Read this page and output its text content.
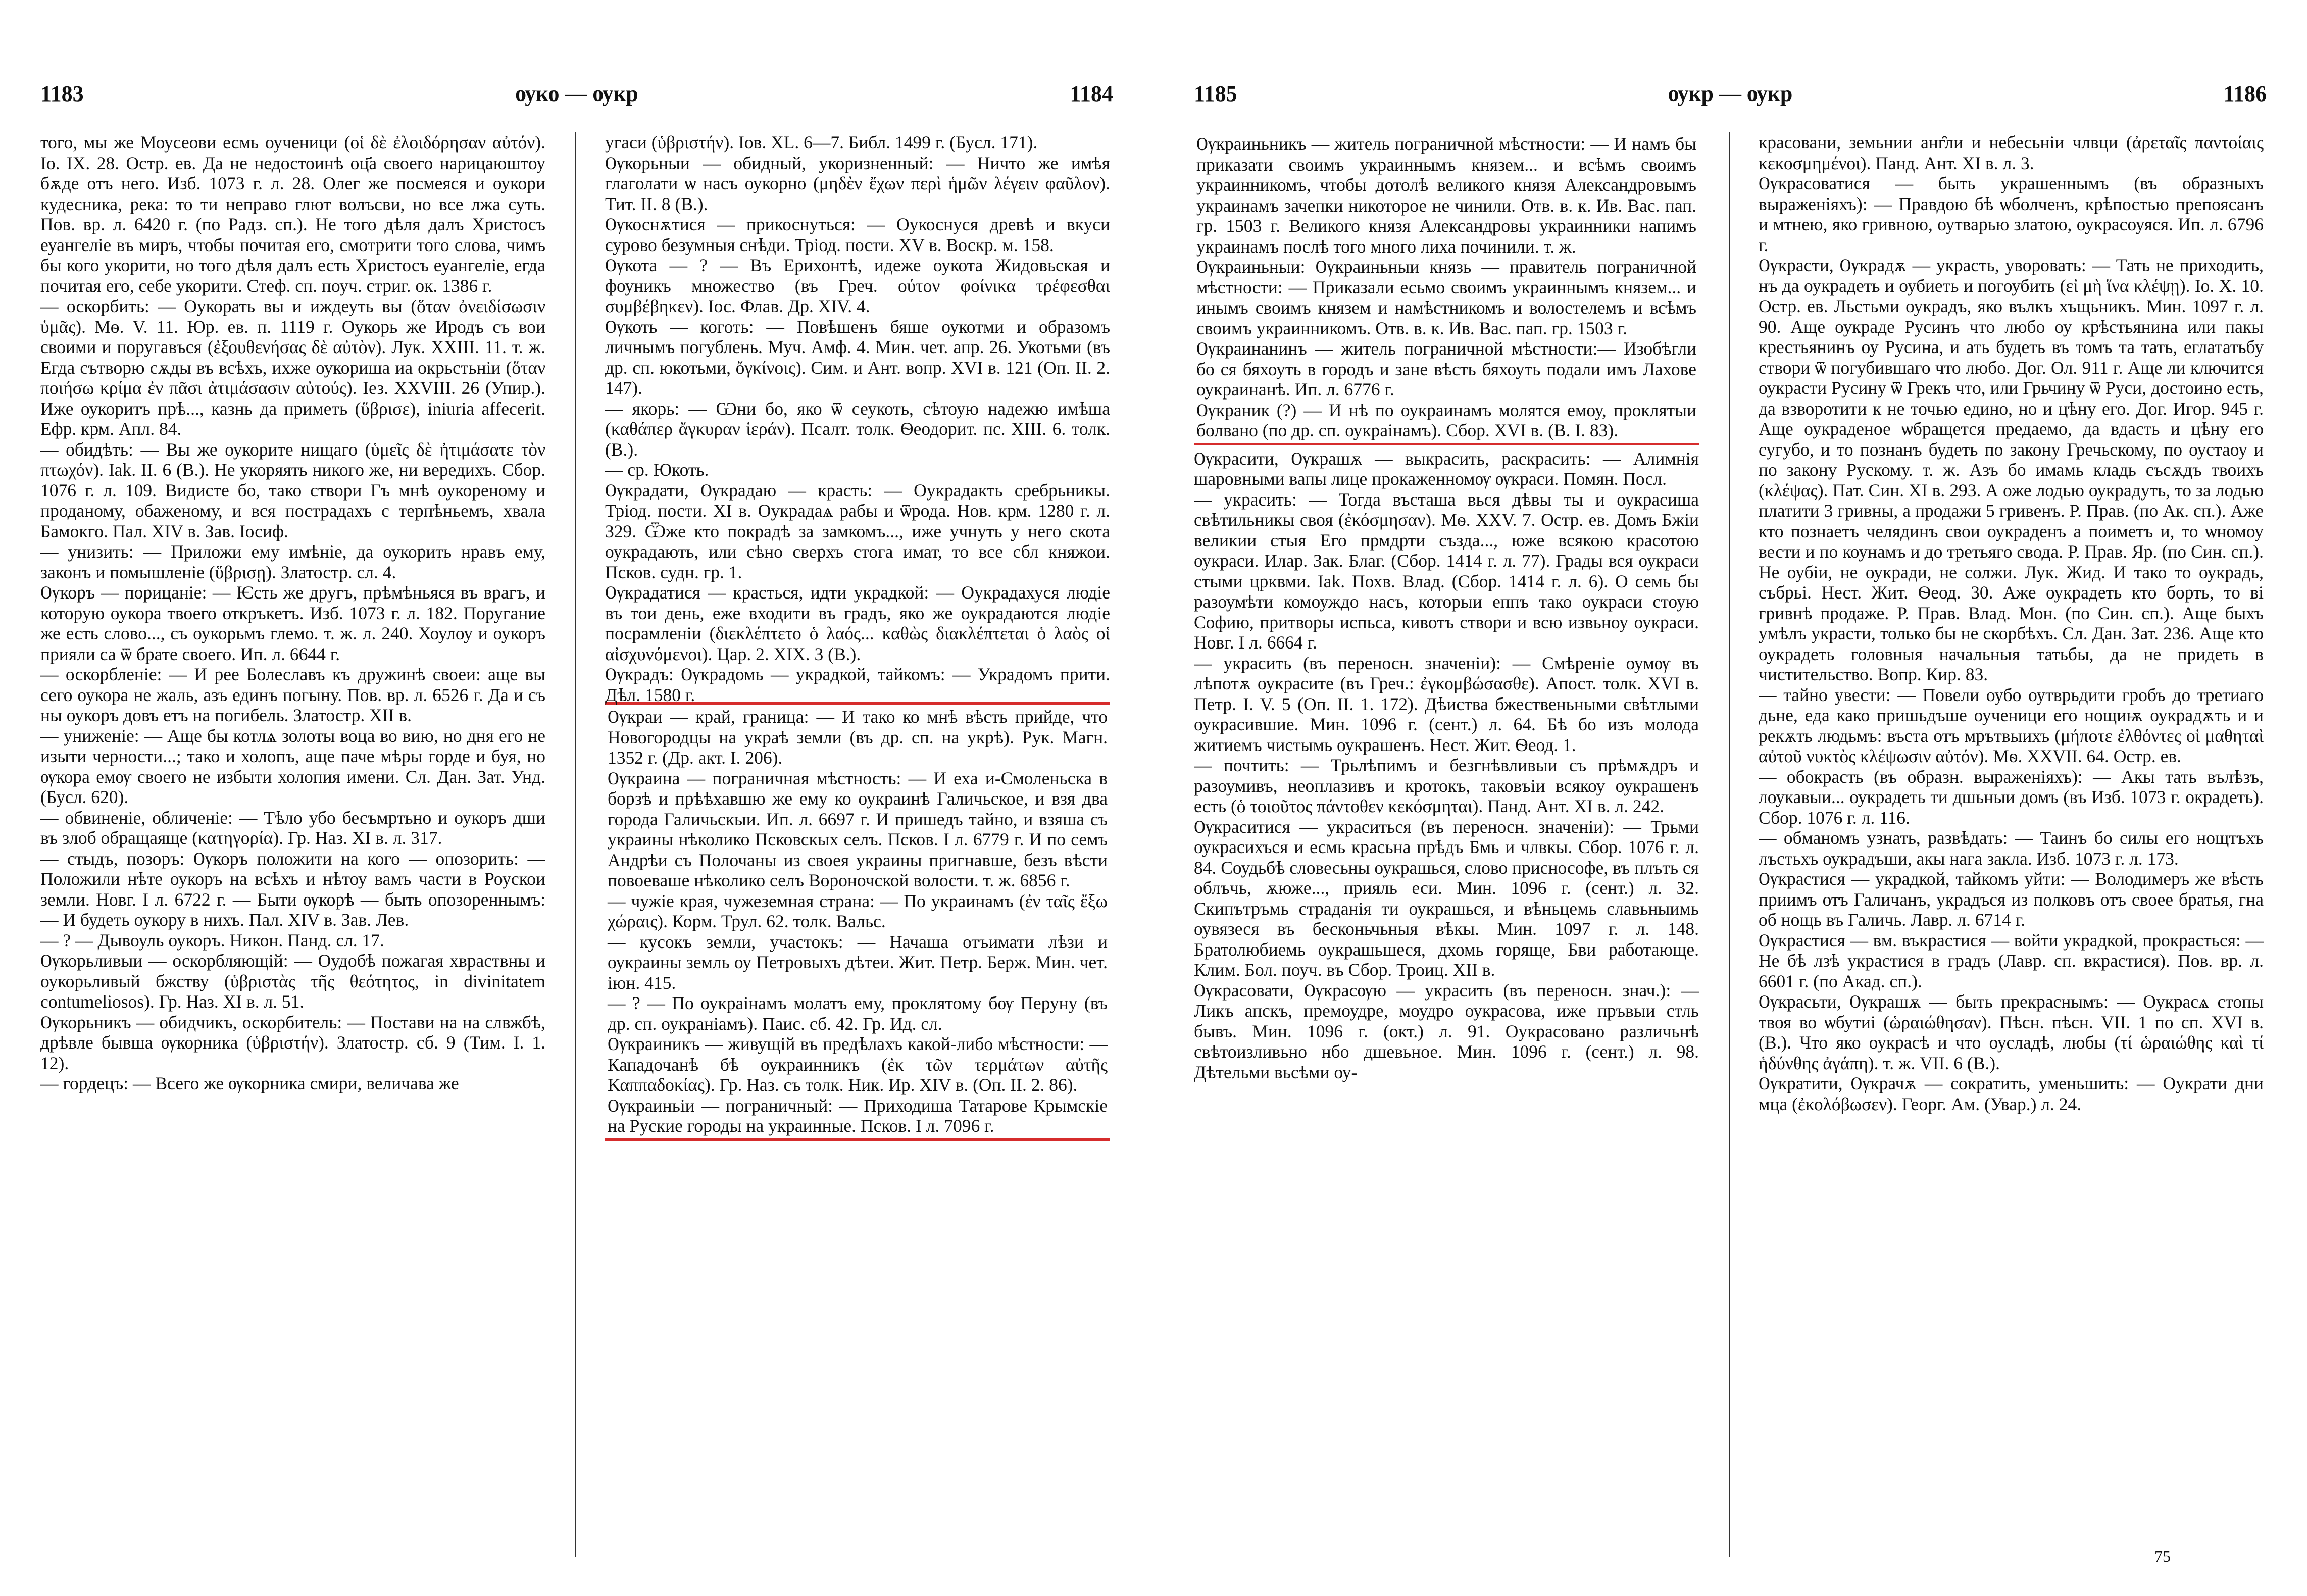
1183	ѹко — ѹкр	1184
того, мы же Моусеови есмь оученици (οἱ δὲ ἐλοιδόρησαν αὐτόν). Io. IX. 28. Остр. ев. Да не недостоинѣ оц҃а своего нарицаюштоу бѫде отъ него. Изб. 1073 г. л. 28. Олег же посмеяся и оукори кудесника, река: то ти неправо глют волъсви, но все лжа суть. Пов. вр. л. 6420 г. (по Радз. сп.). Не того дѣля далъ Христосъ еуангеліе въ миръ, чтобы почитая его, смотрити того слова, чимъ бы кого укорити, но того дѣля далъ есть Христосъ еуангеліе, егда почитая его, себе укорити. Стеф. сп. поуч. стриг. ок. 1386 г.
— оскорбить: — Оукорать вы и иждеуть вы (ὅταν ὀνειδίσωσιν ὑμᾶς). Мѳ. V. 11. Юр. ев. п. 1119 г. Оукорь же Иродъ съ вои своими и поругавъся (ἐξουθενήσας δὲ αὐτὸν). Лук. XXIII. 11. т. ж. Егда сътворю сѫды въ всѣхъ, ихже оукориша иа окрьстьніи (ὅταν ποιήσω κρίμα ἐν πᾶσι ἀτιμάσασιν αὐτούς). Іез. XXVIII. 26 (Упир.). Иже оукоритъ прѣ..., казнь да приметь (ὕβρισε), iniuria affecerit. Ефр. крм. Апл. 84.
— обидѣть: — Вы же оукорите нищаго (ὑμεῖς δὲ ἠτιμάσατε τὸν πτωχόν). Iak. II. 6 (В.). Не укоряять никого же, ни вередихъ. Сбор. 1076 г. л. 109. Видисте бо, тако створи Гъ мнѣ оукореному и проданому, обаженому, и вся пострадахъ с терпѣньемъ, хвала Бамокго. Пал. XIV в. Зав. Іосиф.
— унизить: — Приложи ему имѣніе, да оукорить нравъ ему, законъ и помышленіе (ὕβρισῃ). Златостр. сл. 4.
Ѹкоръ — порицаніе: — Ѥсть же другъ, прѣмѣньяся въ врагъ, и которую оукора твоего откръкетъ. Изб. 1073 г. л. 182. Поругание же есть слово..., съ оукорьмъ глемо. т. ж. л. 240. Хоулоу и оукоръ прияли са ѿ брате своего. Ип. л. 6644 г.
— оскорбленіе: — И рее Болеславъ къ дружинѣ своеи: аще вы сего оукора не жаль, азъ единъ погыну. Пов. вр. л. 6526 г. Да и съ ны оукоръ довъ етъ на погибель. Златостр. XII в.
— униженіе: — Аще бы котлѧ золоты воца во вию, но дня его не изыти черности...; тако и холопъ, аще паче мѣры горде и буя, но ѹкора емѹ своего не избыти холопия имени. Сл. Дан. Зат. Унд. (Бусл. 620).
— обвиненіе, обличеніе: — Тѣло убо бесъмртьно и оукоръ дши въ злоб обращаяще (κατηγορία). Гр. Наз. XI в. л. 317.
— стыдъ, позоръ: Ѹкоръ положити на кого — опозорить: — Положили нѣте оукоръ на всѣхъ и нѣтоу вамъ части в Роускои земли. Новг. I л. 6722 г. — Быти ѹкорѣ — быть опозореннымъ: — И будеть оукору в нихъ. Пал. XIV в. Зав. Лев.
— ? — Дывоуль оукоръ. Никон. Панд. сл. 17.
Ѹкорьливыи — оскорбляющій: — Оудобѣ пожагая хвраствны и оукорьливый бжству (ὑβριστὰς τῆς θεότητος, in divinitatem contumeliosos). Гр. Наз. XI в. л. 51.
Ѹкорьникъ — обидчикъ, оскорбитель: — Постави на на слвжбѣ, дрѣвле бывша ѹкорника (ὑβριστήν). Златостр. сб. 9 (Тим. I. 1. 12).
— гордецъ: — Всего же ѹкорника смири, величава же
угаси (ὑβριστήν). Іов. XL. 6—7. Библ. 1499 г. (Бусл. 171).
Ѹкорьныи — обидный, укоризненный: — Ничто же имѣя глаголати ѡ насъ оукорно (μηδὲν ἔχων περὶ ἡμῶν λέγειν φαῦλον). Тит. II. 8 (В.).
Ѹкоснѫтися — прикоснуться: — Оукоснуся древѣ и вкуси сурово безумныя снѣди. Тріод. пости. XV в. Воскр. м. 158.
Ѹкота — ? — Въ Ерихонтѣ, идеже оукота Жидовьская и фоуникъ множество (въ Греч. ούτον φοίνικα τρέφεσθαι συμβέβηκεν). Іос. Флав. Др. XIV. 4.
Ѹкоть — коготь: — Повѣшенъ бяше оукотми и образомъ личнымъ погублень. Муч. Амф. 4. Мин. чет. апр. 26. Укотьми (въ др. сп. юкотьми, ὄγκίνοις). Сим. и Ант. вопр. XVI в. 121 (Оп. II. 2. 147).
— якорь: — Ѡни бо, яко ѿ сеукоть, сѣтоую надежю имѣша (καθάπερ ἄγκυραν ἱεράν). Псалт. толк. Ѳеодорит. пс. XIII. 6. толк. (В.).
— ср. Юкоть.
Ѹкрадати, Ѹкрадаю — красть: — Оукрадакть сребрьникы. Тріод. пости. XI в. Оукрадаѧ рабы и ѿрода. Нов. крм. 1280 г. л. 329. Ѿже кто покрадѣ за замкомъ..., иже учнуть у него скота оукрадають, или сѣно сверхъ стога имат, то все сбл княжои. Псков. судн. гр. 1.
Ѹкрадатися — красться, идти украдкой: — Оукрадахуся людіе въ тои день, еже входити въ градъ, яко же оукрадаются людіе посрамленіи (διεκλέπτετο ὁ λαός... καθὼς διακλέπτεται ὁ λαὸς οἱ αἰσχυνόμενοι). Цар. 2. XIX. 3 (В.).
Ѹкрадъ: Ѹкрадомь — украдкой, тайкомъ: — Украдомъ прити. Дѣл. 1580 г.
Ѹкраи — край, граница: — И тако ко мнѣ вѣсть прийде, что Новогородцы на украѣ земли (въ др. сп. на укрѣ). Рук. Магн. 1352 г. (Др. акт. I. 206).
Ѹкраина — пограничная мѣстность: — И еха и-Смоленьска в борзѣ и прѣѣхавшю же ему ко оукраинѣ Галичьское, и взя два города Галичьскыи. Ип. л. 6697 г. И пришедъ тайно, и взяша съ украины нѣколико Псковскых селъ. Псков. I л. 6779 г. И по семъ Андрѣи съ Полочаны из своея украины пригнавше, безъ вѣсти повоеваше нѣколико селъ Вороночской волости. т. ж. 6856 г.
— чужіе края, чужеземная страна: — По украинамъ (ἐν ταῖς ἔξω χώραις). Корм. Трул. 62. толк. Вальс.
— кусокъ земли, участокъ: — Начаша отъимати лѣзи и оукраины земль оу Петровыхъ дѣтеи. Жит. Петр. Берж. Мин. чет. іюн. 415.
— ? — По оукраінамъ молатъ ему, проклятому бѹ Перуну (въ др. сп. оукраніамъ). Паис. сб. 42. Гр. Ид. сл.
Ѹкраиникъ — живущій въ предѣлахъ какой-либо мѣстности: — Кападочанѣ бѣ оукраинникъ (ἐκ τῶν τερμάτων αὐτῆς Καππαδοκίας). Гр. Наз. съ толк. Ник. Ир. XIV в. (Оп. II. 2. 86).
Ѹкраиньіи — пограничный: — Приходиша Татарове Крымскіе на Руские городы на украинные. Псков. I л. 7096 г.
1185	ѹкр — ѹкр	1186
Ѹкраиньникъ — житель пограничной мѣстности: — И намъ бы приказати своимъ украиннымъ князем... и всѣмъ своимъ украинникомъ, чтобы дотолѣ великого князя Александровымъ украинамъ зачепки никоторое не чинили. Отв. в. к. Ив. Вас. пап. гр. 1503 г. Великого князя Александровы украинники напимъ украинамъ послѣ того много лиха починили. т. ж.
Ѹкраиньныи: Ѹкраиньныи князь — правитель пограничной мѣстности: — Приказали есьмо своимъ украиннымъ князем... и инымъ своимъ князем и намѣстникомъ и волостелемъ и всѣмъ своимъ украинникомъ. Отв. в. к. Ив. Вас. пап. гр. 1503 г.
Ѹкраинанинъ — житель пограничной мѣстности:— Изобѣгли бо ся бяхоуть в городъ и зане вѣсть бяхоуть подали имъ Лахове оукраинанѣ. Ип. л. 6776 г.
Ѹкраник (?) — И нѣ по оукраинамъ молятся емоу, проклятыи болвано (по др. сп. оукраінамъ). Сбор. XVI в. (В. I. 83).
Ѹкрасити, Ѹкрашѫ — выкрасить, раскрасить: — Алимнія шаровными вапы лице прокаженномѹ ѹкраси. Помян. Посл.
— украсить: — Тогда въсташа вься дѣвы ты и оукрасиша свѣтильникы своя (ἐκόσμησαν). Мѳ. XXV. 7. Остр. ев. Домъ Бжіи великии стыя Его прмдрти създа..., юже всякою красотою оукраси. Илар. Зак. Благ. (Сбор. 1414 г. л. 77). Грады вся оукраси стыми црквми. Iak. Похв. Влад. (Сбор. 1414 г. л. 6). О семь бы разоумѣти комоуждо насъ, которыи еппъ тако оукраси стоую Софию, притворы испьса, кивотъ створи и всю извьноу оукраси. Новг. I л. 6664 г.
— украсить (въ переносн. значеніи): — Смѣреніе оумѹ въ лѣпотѫ оукрасите (въ Греч.: ἐγκομβώσασθε). Апост. толк. XVI в. Петр. I. V. 5 (Оп. II. 1. 172). Дѣиства бжественьными свѣтлыми оукрасившие. Мин. 1096 г. (сент.) л. 64. Бѣ бо изъ молода житиемъ чистымь оукрашенъ. Нест. Жит. Ѳеод. 1.
— почтить: — Трьлѣпимъ и безгнѣвливыи съ прѣмѫдръ и разоумивъ, неоплазивъ и кротокъ, таковъіи всякоу оукрашенъ есть (ὁ τοιοῦτος πάντοθεν κεκόσμηται). Панд. Ант. XI в. л. 242.
Ѹкраситися — украситься (въ переносн. значеніи): — Трьми оукрасихъся и есмь красьна прѣдъ Бмь и члвкы. Сбор. 1076 г. л. 84. Соудьбѣ словесьны оукрашься, слово приснософе, въ плъть ся облъчь, ѫюже..., прияль еси. Мин. 1096 г. (сент.) л. 32. Скипътръмь страданія ти оукрашься, и вѣньцемь славьныимь оувязеся въ бесконьчьныя вѣкы. Мин. 1097 г. л. 148. Братолюбиемь оукрашьшеся, дхомь горяще, Бви работающе. Клим. Бол. поуч. въ Сбор. Троиц. XII в.
Ѹкрасовати, Ѹкрасѹю — украсить (въ переносн. знач.): — Ликъ апскъ, премоудре, моудро оукрасова, иже пръвыи стль бывъ. Мин. 1096 г. (окт.) л. 91. Оукрасовано различьнѣ свѣтоизливьно нбо дшевьное. Мин. 1096 г. (сент.) л. 98. Дѣтельми вьсѣми оу-
красовани, земьнии анг̑ли и небесьніи члвци (ἀρεταῖς παντοίαις κεκοσμημένοι). Панд. Ант. XI в. л. 3.
Ѹкрасоватися — быть украшеннымъ (въ образныхъ выраженіяхъ): — Правдою бѣ ѡболченъ, крѣпостью препоясанъ и мтнею, яко гривною, оутварью златою, оукрасоуяся. Ип. л. 6796 г.
Ѹкрасти, Ѹкрадѫ — украсть, уворовать: — Тать не приходить, нъ да оукрадеть и оубиеть и погоубить (εἰ μὴ ἵνα κλέψῃ). Io. X. 10. Остр. ев. Льстьми оукрадъ, яко вълкъ хъщьникъ. Мин. 1097 г. л. 90. Аще оукраде Русинъ что любо оу крѣстьянина или пакы крестьянинъ оу Русина, и ать будеть въ томъ та тать, еглататьбу створи ѿ погубившаго что любо. Дог. Ол. 911 г. Аще ли ключится оукрасти Русину ѿ Грекъ что, или Грьчину ѿ Руси, достоино есть, да взворотити к не точью едино, но и цѣну его. Дог. Игор. 945 г. Аще оукраденое ѡбращется предаемо, да вдасть и цѣну его сугубо, и то познанъ будеть по закону Гречьскому, по оустаоу и по закону Рускому. т. ж. Азъ бо имамь кладь съсѫдъ твоихъ (κλέψας). Пат. Син. XI в. 293. А оже лодью оукрадуть, то за лодью платити 3 гривны, а продажи 5 гривенъ. Р. Прав. (по Ак. сп.). Аже кто познаетъ челядинъ свои оукраденъ а поиметъ и, то ѡномоу вести и по коунамъ и до третьяго свода. Р. Прав. Яр. (по Син. сп.). Не оубіи, не оукради, не солжи. Лук. Жид. И тако то оукрадь, събрьі. Нест. Жит. Ѳеод. 30. Аже оукрадеть кто борть, то ві гривнѣ продаже. Р. Прав. Влад. Мон. (по Син. сп.). Аще быхъ умѣлъ украсти, только бы не скорбѣхъ. Сл. Дан. Зат. 236. Аще кто оукрадеть головныя начальныя татьбы, да не придеть в чистительство. Вопр. Кир. 83.
— тайно увести: — Повели оубо оутврьдити гробъ до третиаго дьне, еда како пришьдъше оученици его нощиѭ оукрадѫть и и рекѫть людьмъ: въста отъ мрътвыихъ (μήποτε ἐλθόντες οἱ μαθηταὶ αὐτοῦ νυκτὸς κλέψωσιν αὐτόν). Мѳ. XXVII. 64. Остр. ев.
— обокрасть (въ образн. выраженіяхъ): — Акы тать вълѣзъ, лоукавыи... оукрадеть ти дшьныи домъ (въ Изб. 1073 г. окрадеть). Сбор. 1076 г. л. 116.
— обманомъ узнать, развѣдать: — Таинъ бо силы его нощтъхъ лъстьхъ оукрадъши, акы нага закла. Изб. 1073 г. л. 173.
Ѹкрастися — украдкой, тайкомъ уйти: — Володимеръ же вѣсть приимъ отъ Галичанъ, украдъся из полковъ отъ своее братья, гна об нощь въ Галичь. Лавр. л. 6714 г.
Ѹкрастися — вм. въкрастися — войти украдкой, прокрасться: — Не бѣ лзѣ украстися в градъ (Лавр. сп. вкрастися). Пов. вр. л. 6601 г. (по Акад. сп.).
Ѹкрасьти, Ѹкрашѫ — быть прекраснымъ: — Оукрасѧ стопы твоя во ѡбутиі (ὡραιώθησαν). Пѣсн. пѣсн. VII. 1 по сп. XVI в. (В.). Что яко оукрасѣ и что оусладѣ, любы (τί ὡραιώθης καὶ τί ἡδύνθης ἀγάπη). т. ж. VII. 6 (В.).
Ѹкратити, Ѹкрачѫ — сократить, уменьшить: — Оукрати дни мца (ἐκολόβωσεν). Георг. Ам. (Увар.) л. 24.
75
